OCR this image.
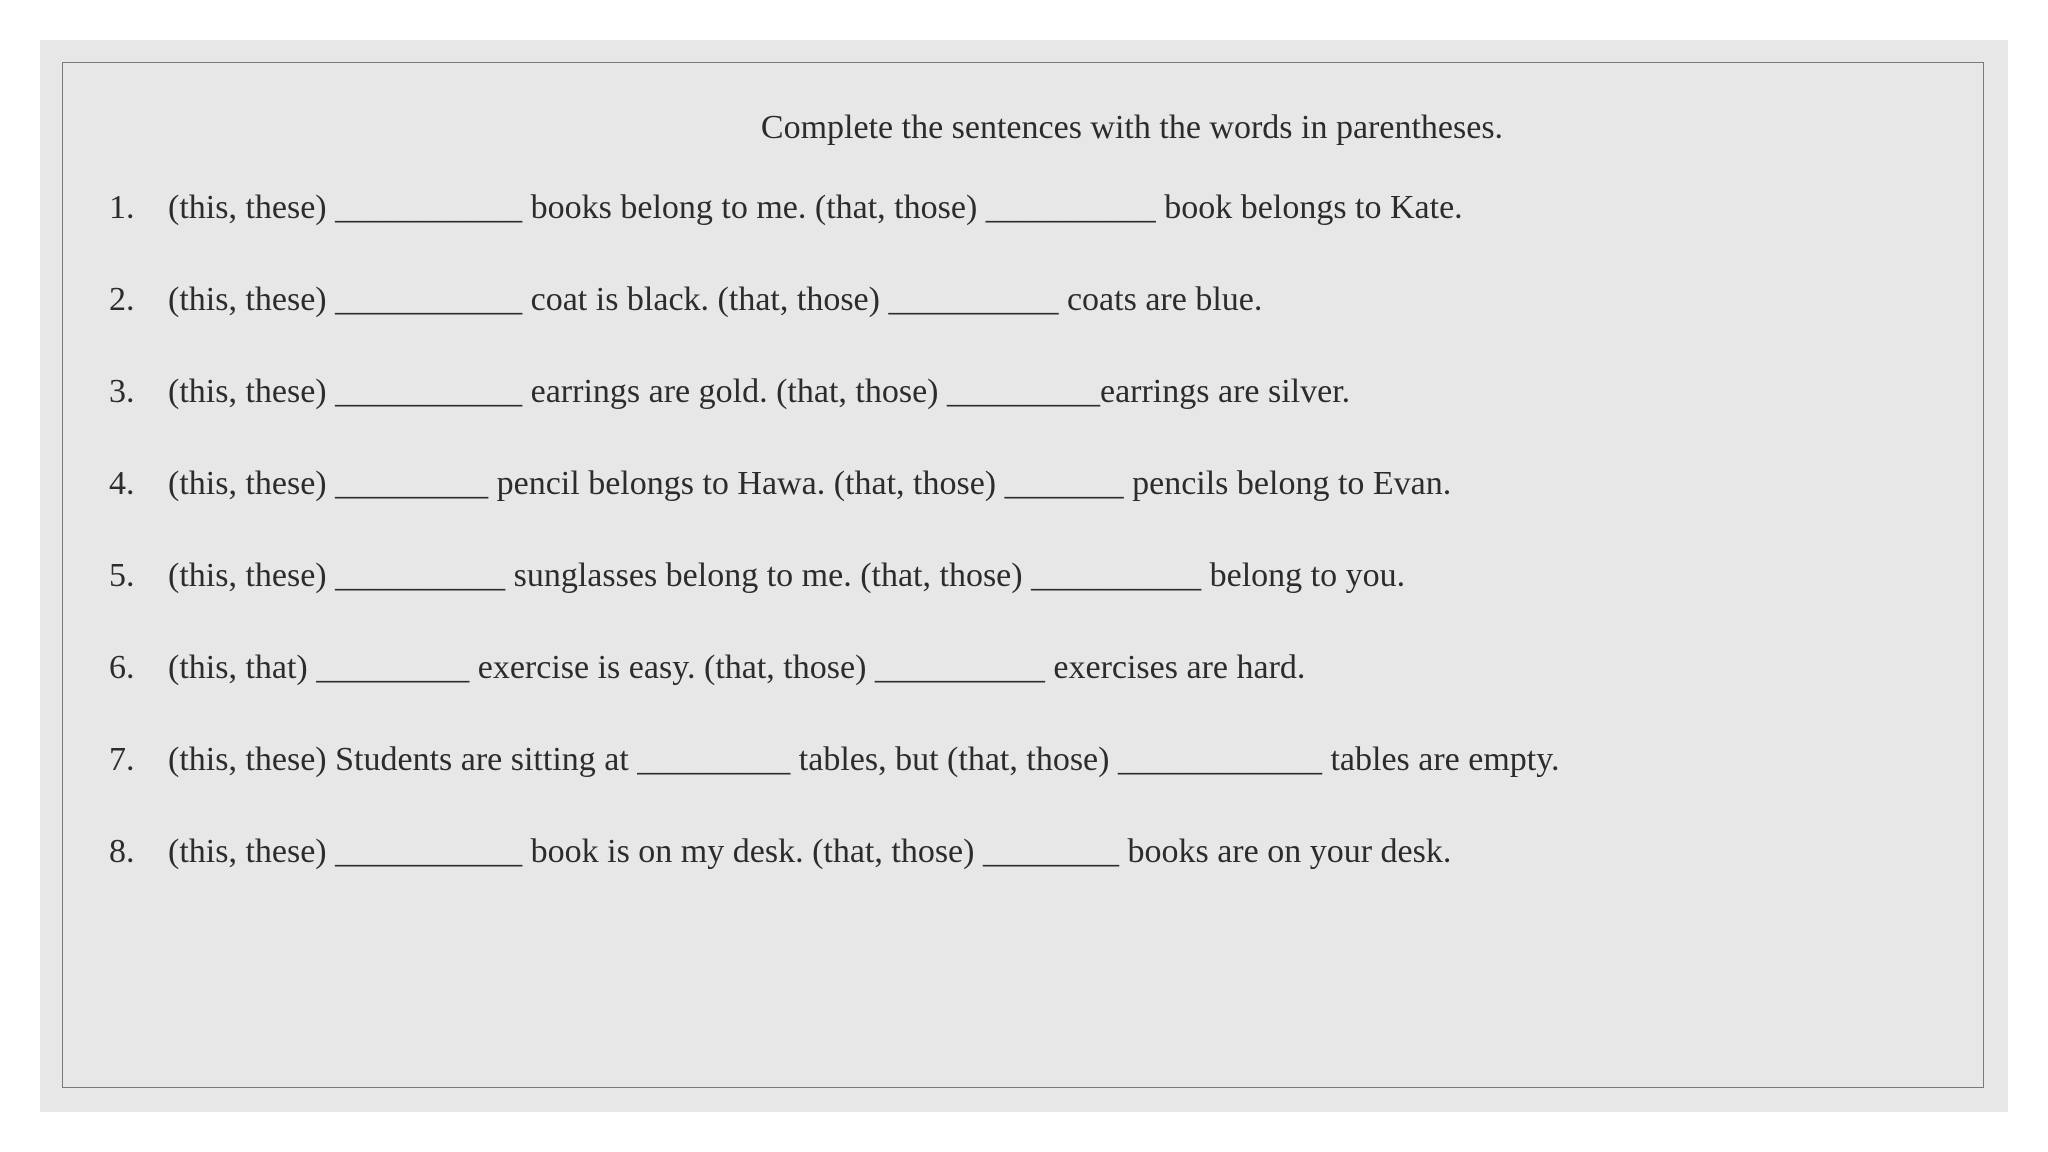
Complete the sentences with the words in parentheses.
1. (this, these) ___________ books belong to me. (that, those) __________ book belongs to Kate.
2. (this, these) ___________ coat is black. (that, those) __________ coats are blue.
3. (this, these) ___________ earrings are gold. (that, those) _________earrings are silver.
4. (this, these) _________ pencil belongs to Hawa. (that, those) _______ pencils belong to Evan.
5. (this, these) __________ sunglasses belong to me. (that, those) __________ belong to you.
6. (this, that) _________ exercise is easy. (that, those) __________ exercises are hard.
7. (this, these) Students are sitting at _________ tables, but (that, those) ____________ tables are empty.
8. (this, these) ___________ book is on my desk. (that, those) ________ books are on your desk.
